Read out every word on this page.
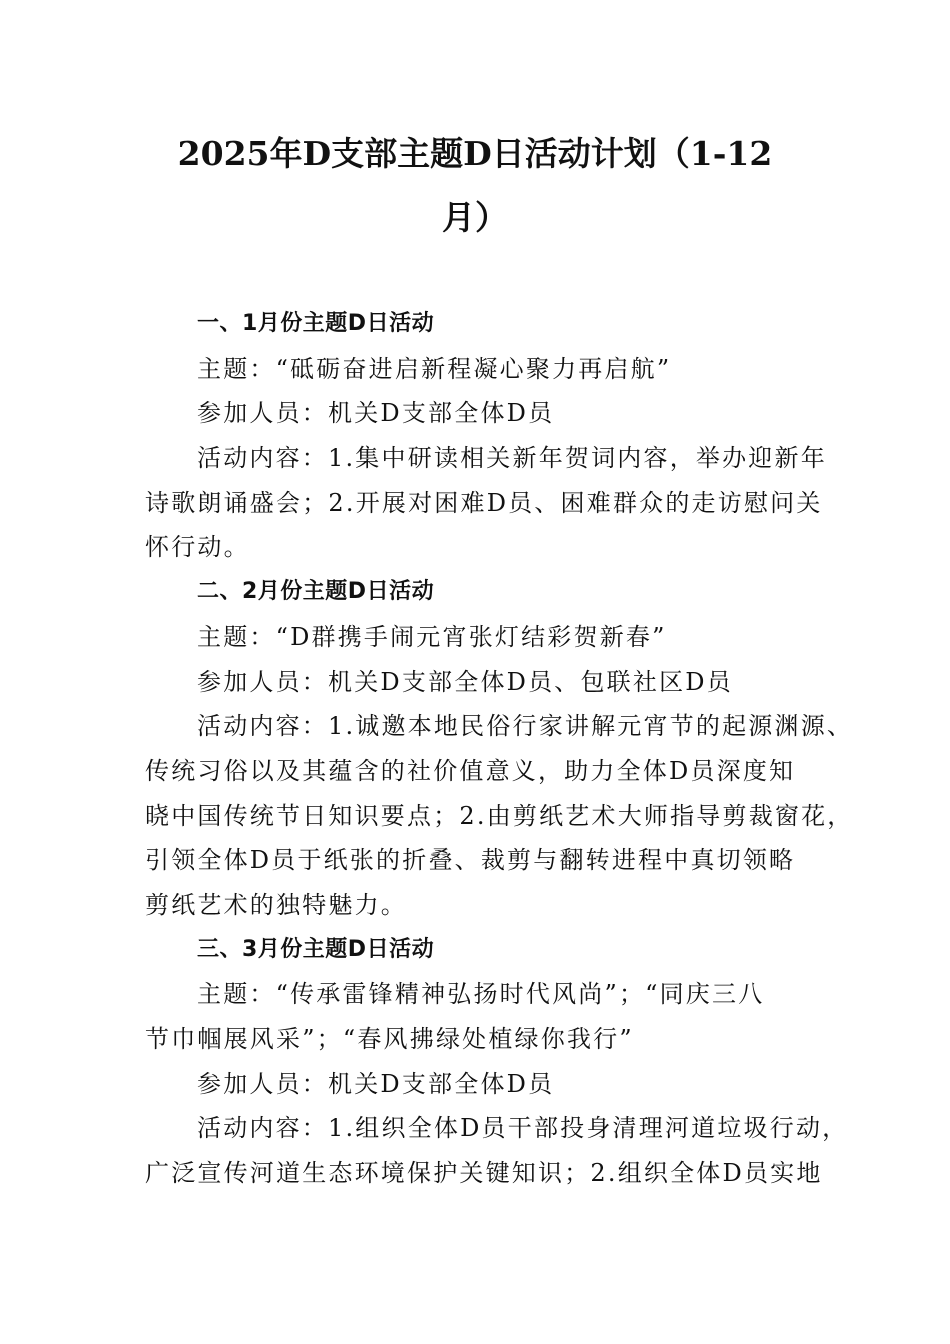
2025年D支部主题D日活动计划（1-12
月）
一、1月份主题D日活动
主题：“砥砺奋进启新程凝心聚力再启航”
参加人员：机关D支部全体D员
活动内容：1.集中研读相关新年贺词内容，举办迎新年
诗歌朗诵盛会；2.开展对困难D员、困难群众的走访慰问关
怀行动。
二、2月份主题D日活动
主题：“D群携手闹元宵张灯结彩贺新春”
参加人员：机关D支部全体D员、包联社区D员
活动内容：1.诚邀本地民俗行家讲解元宵节的起源渊源、
传统习俗以及其蕴含的社价值意义，助力全体D员深度知
晓中国传统节日知识要点；2.由剪纸艺术大师指导剪裁窗花，
引领全体D员于纸张的折叠、裁剪与翻转进程中真切领略
剪纸艺术的独特魅力。
三、3月份主题D日活动
主题：“传承雷锋精神弘扬时代风尚”；“同庆三八
节巾帼展风采”；“春风拂绿处植绿你我行”
参加人员：机关D支部全体D员
活动内容：1.组织全体D员干部投身清理河道垃圾行动，
广泛宣传河道生态环境保护关键知识；2.组织全体D员实地
